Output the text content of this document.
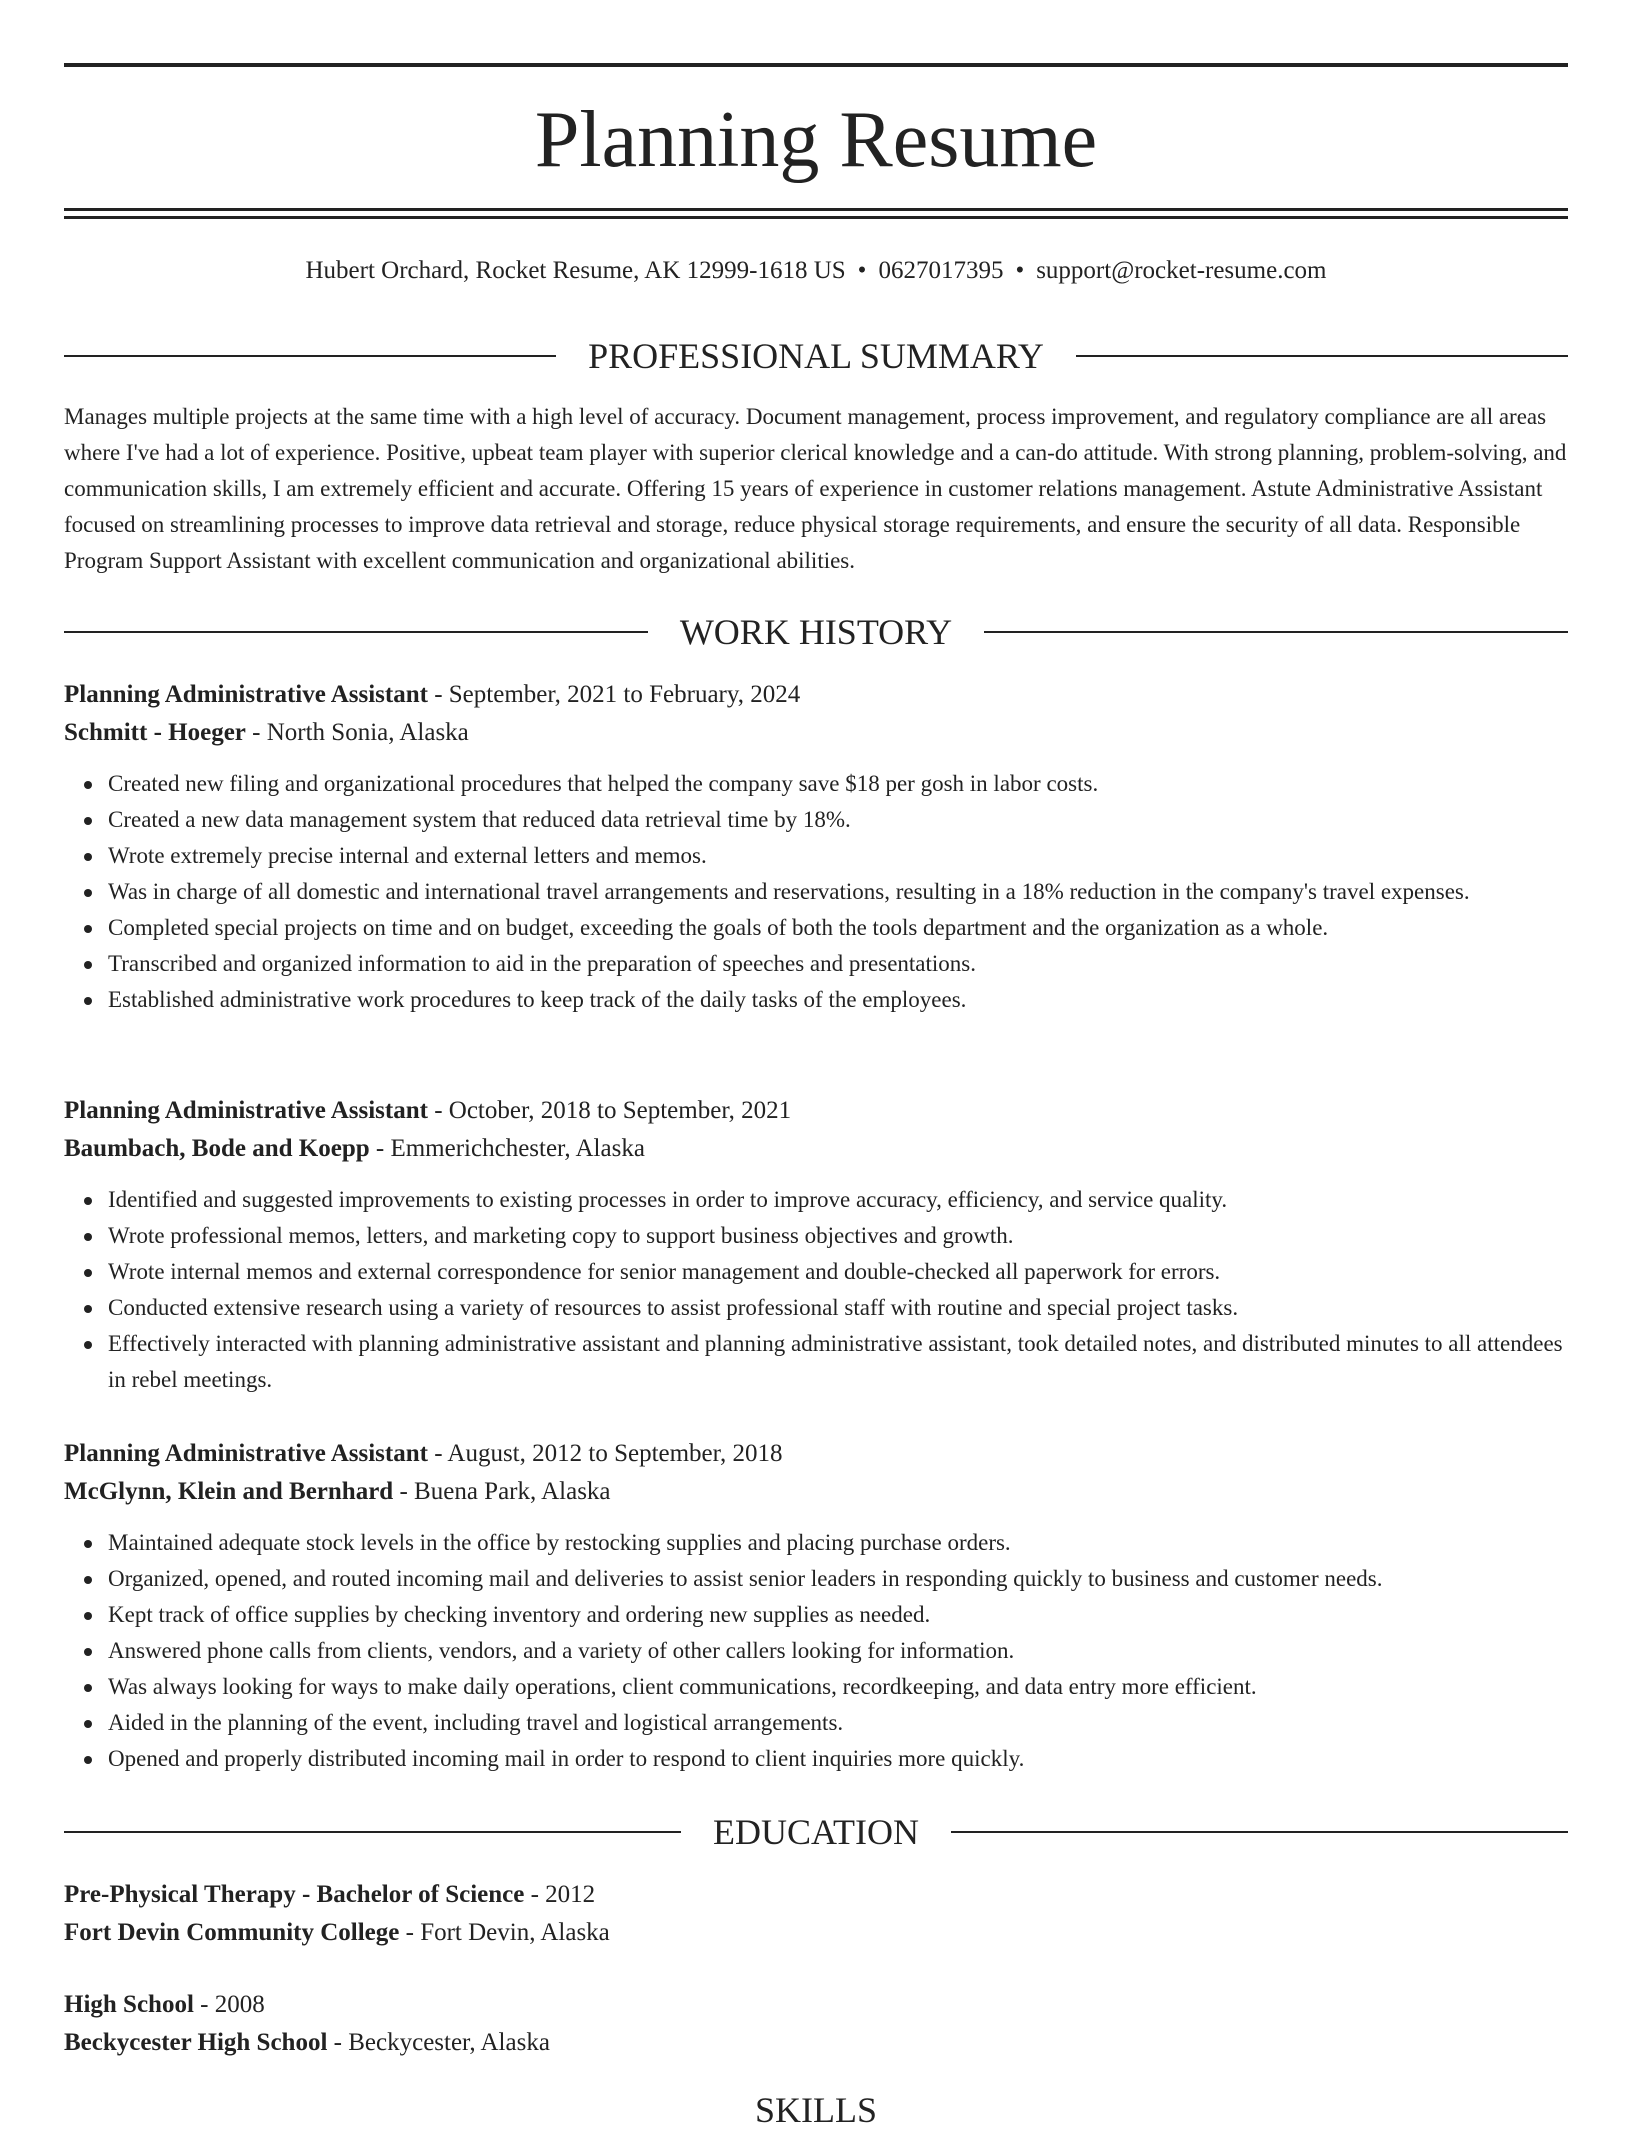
Planning Resume
Hubert Orchard, Rocket Resume, AK 12999-1618 US • 0627017395 • support@rocket-resume.com
PROFESSIONAL SUMMARY

Manages multiple projects at the same time with a high level of accuracy. Document management, process improvement, and regulatory compliance are all areas where I've had a lot of experience. Positive, upbeat team player with superior clerical knowledge and a can-do attitude. With strong planning, problem-solving, and communication skills, I am extremely efficient and accurate. Offering 15 years of experience in customer relations management. Astute Administrative Assistant focused on streamlining processes to improve data retrieval and storage, reduce physical storage requirements, and ensure the security of all data. Responsible Program Support Assistant with excellent communication and organizational abilities.

WORK HISTORY
Planning Administrative Assistant - September, 2021 to February, 2024
Schmitt - Hoeger - North Sonia, Alaska
Created new filing and organizational procedures that helped the company save $18 per gosh in labor costs.
Created a new data management system that reduced data retrieval time by 18%.
Wrote extremely precise internal and external letters and memos.
Was in charge of all domestic and international travel arrangements and reservations, resulting in a 18% reduction in the company's travel expenses.
Completed special projects on time and on budget, exceeding the goals of both the tools department and the organization as a whole.
Transcribed and organized information to aid in the preparation of speeches and presentations.
Established administrative work procedures to keep track of the daily tasks of the employees.
Planning Administrative Assistant - October, 2018 to September, 2021
Baumbach, Bode and Koepp - Emmerichchester, Alaska
Identified and suggested improvements to existing processes in order to improve accuracy, efficiency, and service quality.
Wrote professional memos, letters, and marketing copy to support business objectives and growth.
Wrote internal memos and external correspondence for senior management and double-checked all paperwork for errors.
Conducted extensive research using a variety of resources to assist professional staff with routine and special project tasks.
Effectively interacted with planning administrative assistant and planning administrative assistant, took detailed notes, and distributed minutes to all attendees in rebel meetings.
Planning Administrative Assistant - August, 2012 to September, 2018
McGlynn, Klein and Bernhard - Buena Park, Alaska
Maintained adequate stock levels in the office by restocking supplies and placing purchase orders.
Organized, opened, and routed incoming mail and deliveries to assist senior leaders in responding quickly to business and customer needs.
Kept track of office supplies by checking inventory and ordering new supplies as needed.
Answered phone calls from clients, vendors, and a variety of other callers looking for information.
Was always looking for ways to make daily operations, client communications, recordkeeping, and data entry more efficient.
Aided in the planning of the event, including travel and logistical arrangements.
Opened and properly distributed incoming mail in order to respond to client inquiries more quickly.
EDUCATION
Pre-Physical Therapy - Bachelor of Science - 2012
Fort Devin Community College - Fort Devin, Alaska
High School - 2008
Beckycester High School - Beckycester, Alaska
SKILLS
